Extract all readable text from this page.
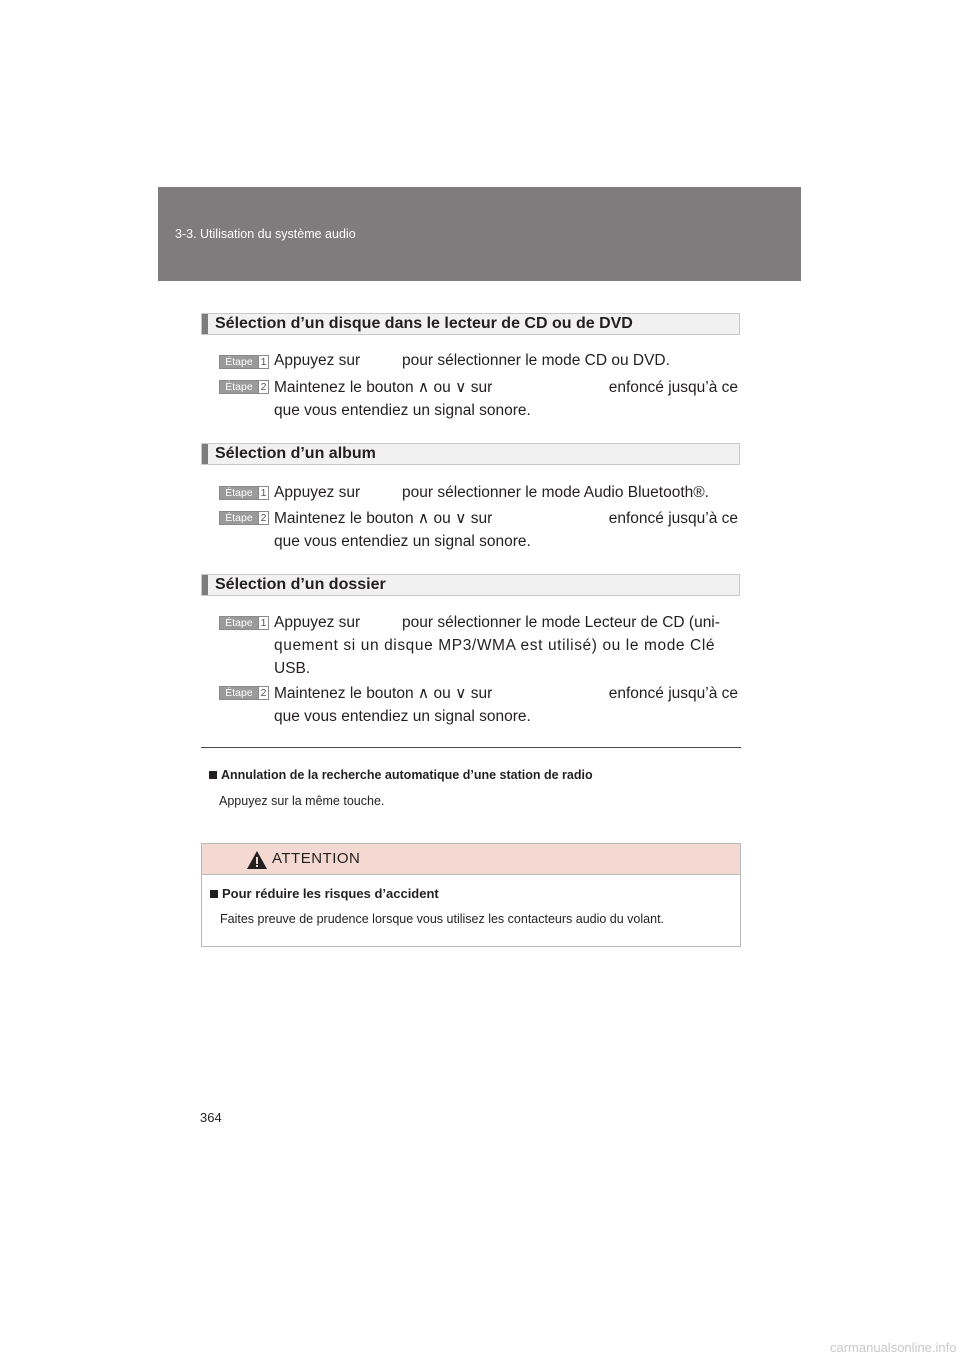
3-3. Utilisation du système audio
Sélection d’un disque dans le lecteur de CD ou de DVD
Étape 1 Appuyez sur	pour sélectionner le mode CD ou DVD.
Étape 2 Maintenez le bouton ∧ ou ∨ sur	enfoncé jusqu’à ce
que vous entendiez un signal sonore.
Sélection d’un album
Étape 1 Appuyez sur	pour sélectionner le mode Audio Bluetooth®.
Étape 2 Maintenez le bouton ∧ ou ∨ sur	enfoncé jusqu’à ce
que vous entendiez un signal sonore.
Sélection d’un dossier
Étape 1 Appuyez sur	pour sélectionner le mode Lecteur de CD (uni-
quement si un disque MP3/WMA est utilisé) ou le mode Clé
USB.
Étape 2 Maintenez le bouton ∧ ou ∨ sur	enfoncé jusqu’à ce
que vous entendiez un signal sonore.
Annulation de la recherche automatique d’une station de radio
Appuyez sur la même touche.
ATTENTION
Pour réduire les risques d’accident
Faites preuve de prudence lorsque vous utilisez les contacteurs audio du volant.
364
carmanualsonline.info
